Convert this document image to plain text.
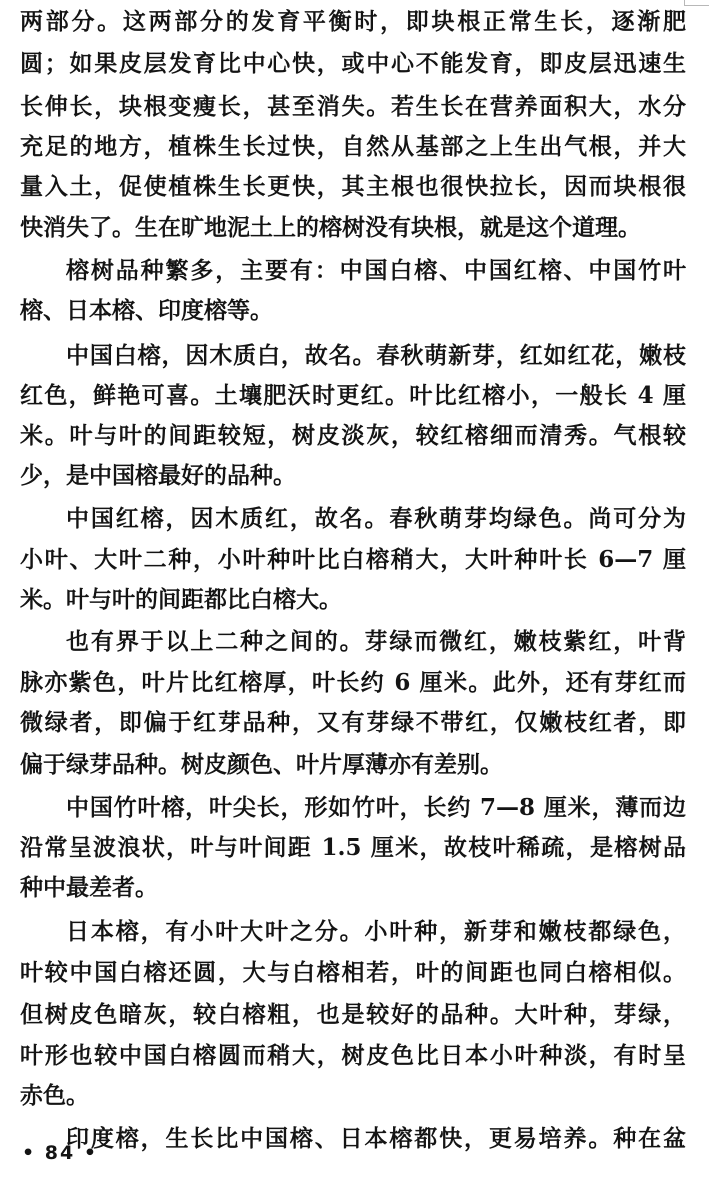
两部分。这两部分的发育平衡时，即块根正常生长，逐渐肥
圆；如果皮层发育比中心快，或中心不能发育，即皮层迅速生
长伸长，块根变瘦长，甚至消失。若生长在营养面积大，水分
充足的地方，植株生长过快，自然从基部之上生出气根，并大
量入土，促使植株生长更快，其主根也很快拉长，因而块根很
快消失了。生在旷地泥土上的榕树没有块根，就是这个道理。
榕树品种繁多，主要有：中国白榕、中国红榕、中国竹叶
榕、日本榕、印度榕等。
中国白榕，因木质白，故名。春秋萌新芽，红如红花，嫩枝
红色，鲜艳可喜。土壤肥沃时更红。叶比红榕小，一般长 4 厘
米。叶与叶的间距较短，树皮淡灰，较红榕细而清秀。气根较
少，是中国榕最好的品种。
中国红榕，因木质红，故名。春秋萌芽均绿色。尚可分为
小叶、大叶二种，小叶种叶比白榕稍大，大叶种叶长 6—7 厘
米。叶与叶的间距都比白榕大。
也有界于以上二种之间的。芽绿而微红，嫩枝紫红，叶背
脉亦紫色，叶片比红榕厚，叶长约 6 厘米。此外，还有芽红而
微绿者，即偏于红芽品种，又有芽绿不带红，仅嫩枝红者，即
偏于绿芽品种。树皮颜色、叶片厚薄亦有差别。
中国竹叶榕，叶尖长，形如竹叶，长约 7—8 厘米，薄而边
沿常呈波浪状，叶与叶间距 1.5 厘米，故枝叶稀疏，是榕树品
种中最差者。
日本榕，有小叶大叶之分。小叶种，新芽和嫩枝都绿色，
叶较中国白榕还圆，大与白榕相若，叶的间距也同白榕相似。
但树皮色暗灰，较白榕粗，也是较好的品种。大叶种，芽绿，
叶形也较中国白榕圆而稍大，树皮色比日本小叶种淡，有时呈
赤色。
印度榕，生长比中国榕、日本榕都快，更易培养。种在盆
• 84 •
